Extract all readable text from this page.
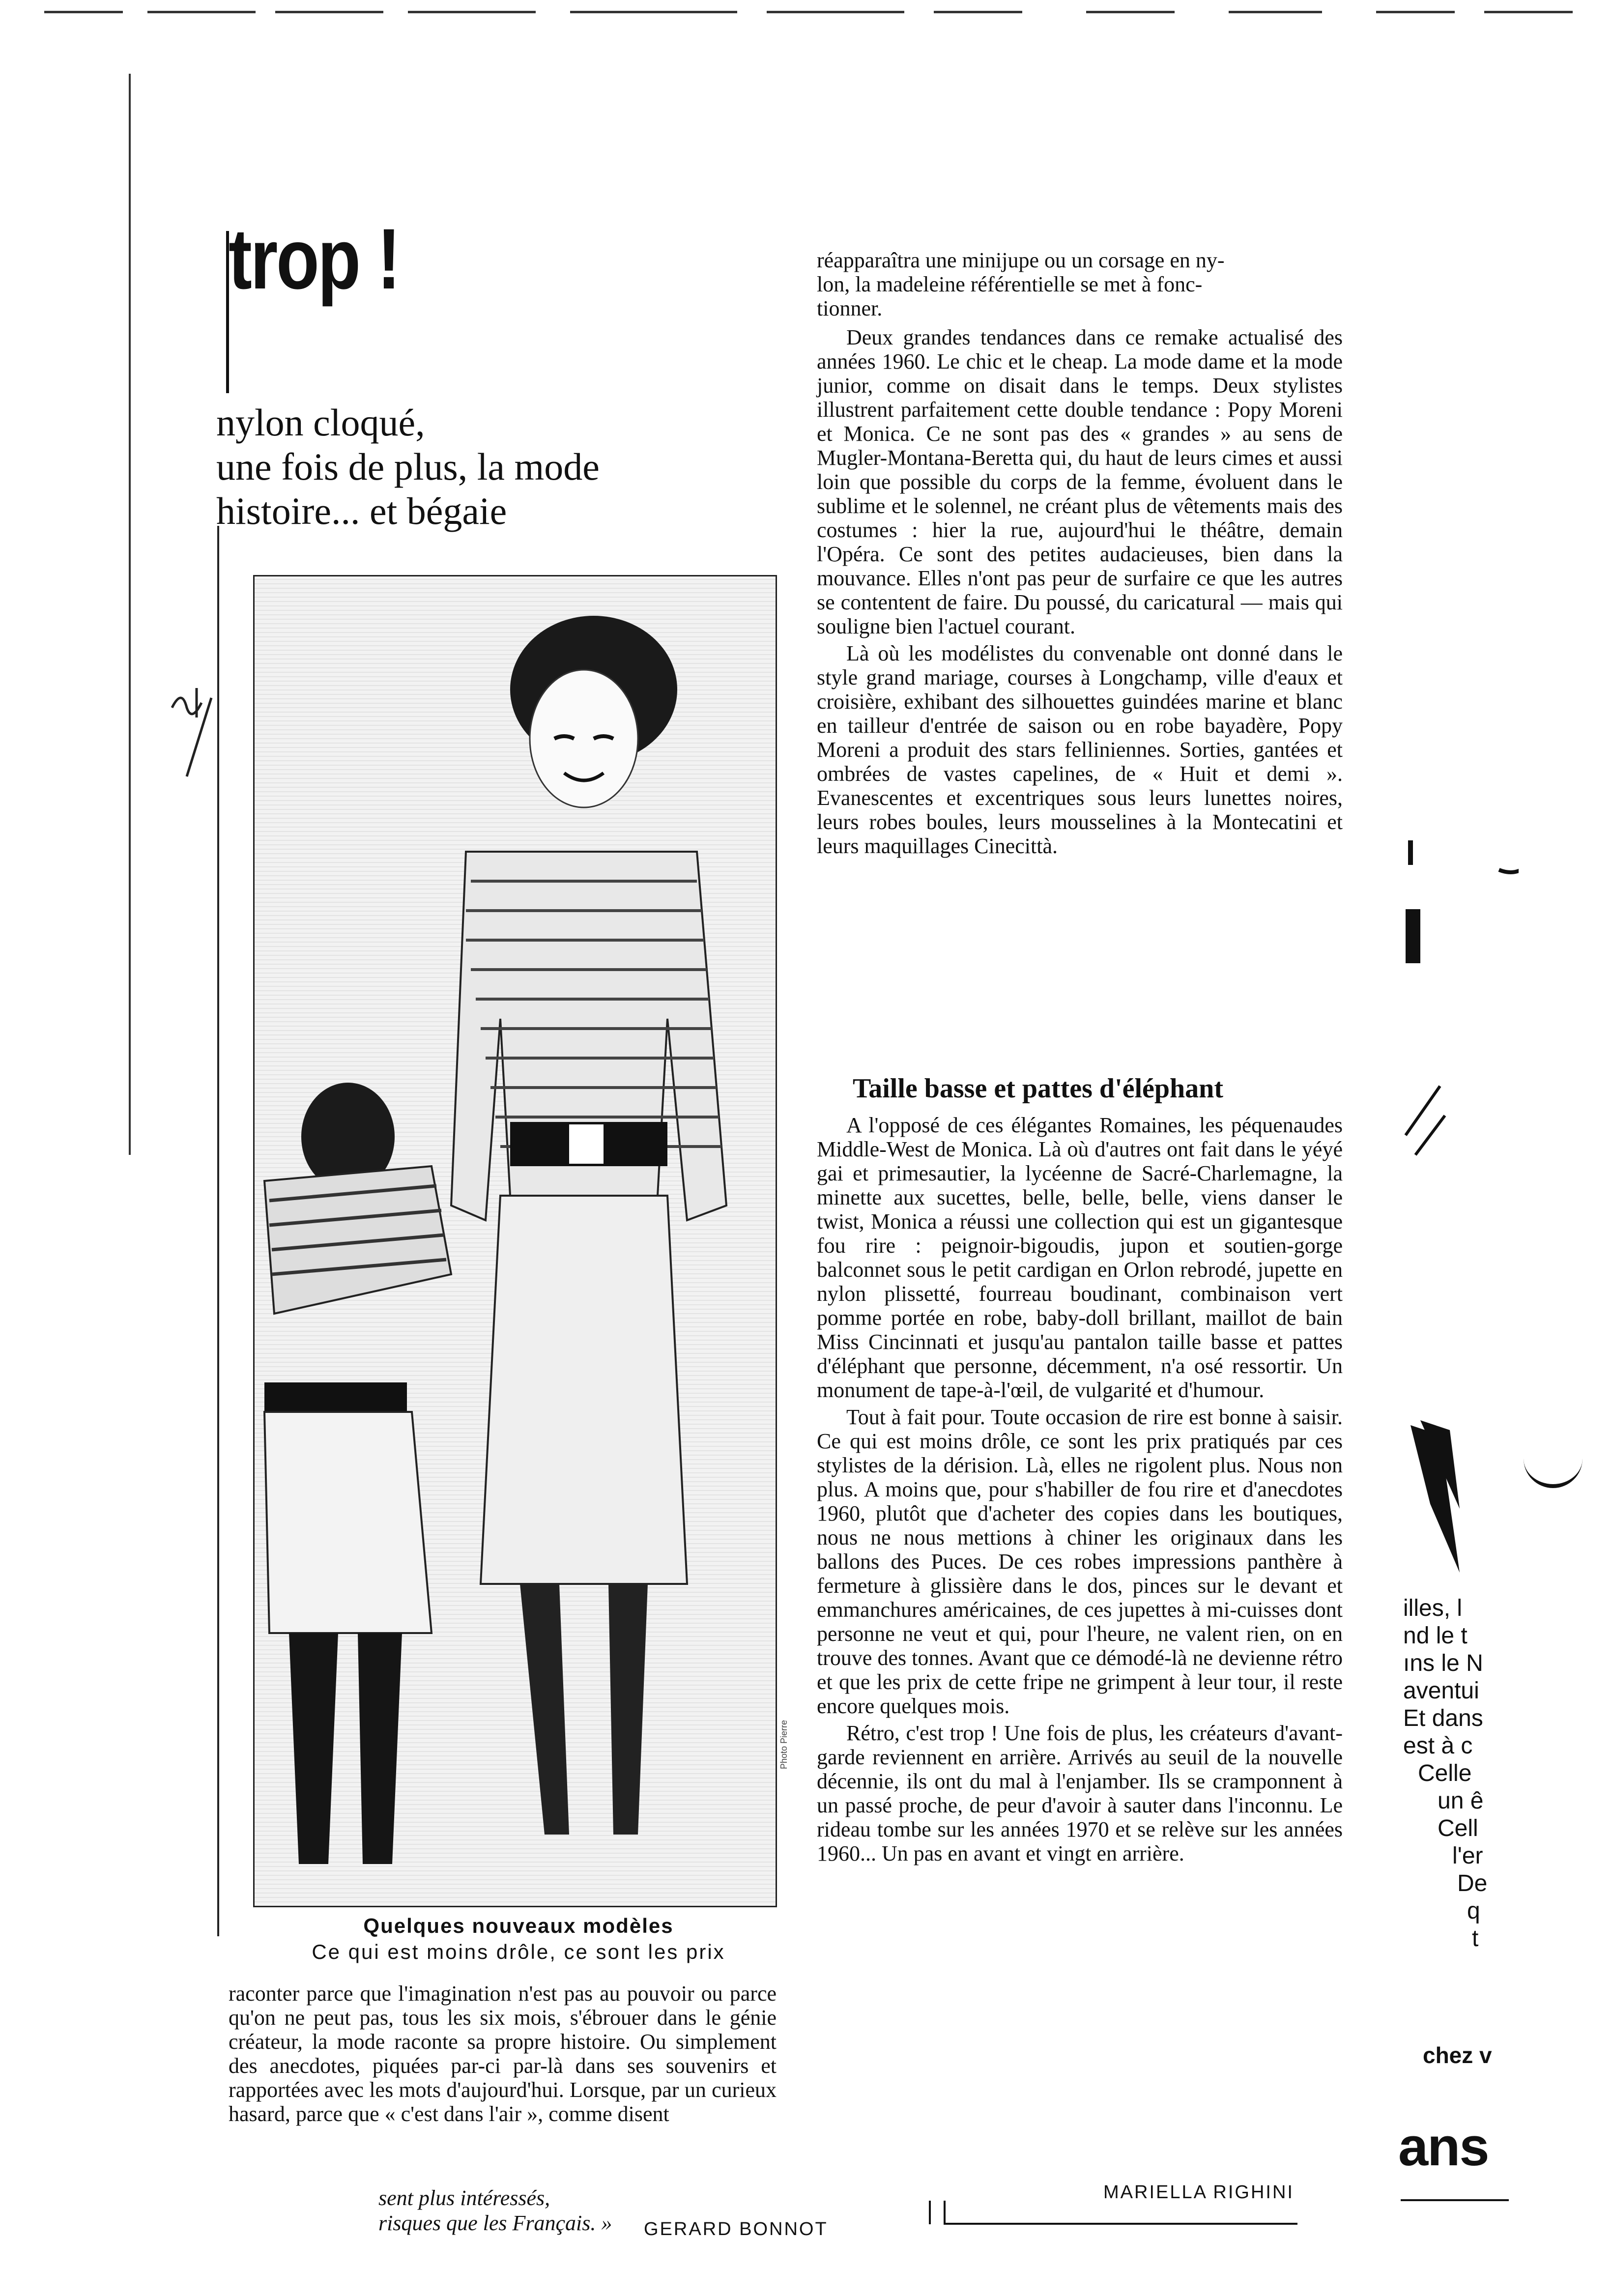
trop !
nylon cloqué,
une fois de plus, la mode
histoire... et bégaie
Photo Pierre
Quelques nouveaux modèles
Ce qui est moins drôle, ce sont les prix

raconter parce que l'imagination n'est pas au pouvoir ou parce qu'on ne peut pas, tous les six mois, s'ébrouer dans le génie créateur, la mode raconte sa propre histoire. Ou simplement des anecdotes, piquées par-ci par-là dans ses souvenirs et rapportées avec les mots d'aujourd'hui. Lorsque, par un curieux hasard, parce que « c'est dans l'air », comme disent

sent plus intéressés,
risques que les Français. » GERARD BONNOT
réapparaîtra une minijupe ou un corsage en ny-
lon, la madeleine référentielle se met à fonc-
tionner.

Deux grandes tendances dans ce remake actualisé des années 1960. Le chic et le cheap. La mode dame et la mode junior, comme on disait dans le temps. Deux stylistes illustrent parfaitement cette double tendance : Popy Moreni et Monica. Ce ne sont pas des « grandes » au sens de Mugler-Montana-Beretta qui, du haut de leurs cimes et aussi loin que possible du corps de la femme, évoluent dans le sublime et le solennel, ne créant plus de vêtements mais des costumes : hier la rue, aujourd'hui le théâtre, demain l'Opéra. Ce sont des petites audacieuses, bien dans la mouvance. Elles n'ont pas peur de surfaire ce que les autres se contentent de faire. Du poussé, du caricatural — mais qui souligne bien l'actuel courant.

Là où les modélistes du convenable ont donné dans le style grand mariage, courses à Longchamp, ville d'eaux et croisière, exhibant des silhouettes guindées marine et blanc en tailleur d'entrée de saison ou en robe bayadère, Popy Moreni a produit des stars felliniennes. Sorties, gantées et ombrées de vastes capelines, de « Huit et demi ». Evanescentes et excentriques sous leurs lunettes noires, leurs robes boules, leurs mousselines à la Montecatini et leurs maquillages Cinecittà.

Taille basse et pattes d'éléphant

A l'opposé de ces élégantes Romaines, les péquenaudes Middle-West de Monica. Là où d'autres ont fait dans le yéyé gai et primesautier, la lycéenne de Sacré-Charlemagne, la minette aux sucettes, belle, belle, belle, viens danser le twist, Monica a réussi une collection qui est un gigantesque fou rire : peignoir-bigoudis, jupon et soutien-gorge balconnet sous le petit cardigan en Orlon rebrodé, jupette en nylon plissetté, fourreau boudinant, combinaison vert pomme portée en robe, baby-doll brillant, maillot de bain Miss Cincinnati et jusqu'au pantalon taille basse et pattes d'éléphant que personne, décemment, n'a osé ressortir. Un monument de tape-à-l'œil, de vulgarité et d'humour.

Tout à fait pour. Toute occasion de rire est bonne à saisir. Ce qui est moins drôle, ce sont les prix pratiqués par ces stylistes de la dérision. Là, elles ne rigolent plus. Nous non plus. A moins que, pour s'habiller de fou rire et d'anecdotes 1960, plutôt que d'acheter des copies dans les boutiques, nous ne nous mettions à chiner les originaux dans les ballons des Puces. De ces robes impressions panthère à fermeture à glissière dans le dos, pinces sur le devant et emmanchures américaines, de ces jupettes à mi-cuisses dont personne ne veut et qui, pour l'heure, ne valent rien, on en trouve des tonnes. Avant que ce démodé-là ne devienne rétro et que les prix de cette fripe ne grimpent à leur tour, il reste encore quelques mois.

Rétro, c'est trop ! Une fois de plus, les créateurs d'avant-garde reviennent en arrière. Arrivés au seuil de la nouvelle décennie, ils ont du mal à l'enjamber. Ils se cramponnent à un passé proche, de peur d'avoir à sauter dans l'inconnu. Le rideau tombe sur les années 1970 et se relève sur les années 1960... Un pas en avant et vingt en arrière.

MARIELLA RIGHINI
illes, l
nd le t
ıns le N
aventui
Et dans
est à c
Celle
un ê
Cell
l'er
De
q
t
chez v
ans
